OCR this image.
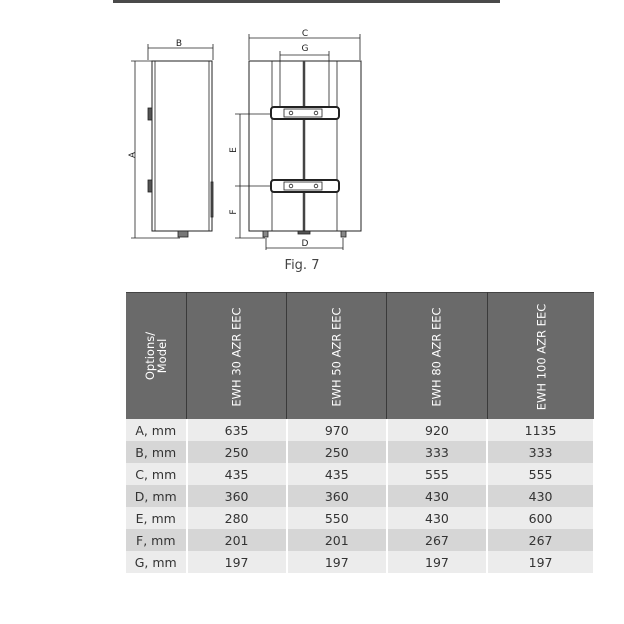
B
A
C
G
E
F
D
Fig. 7
Options/ Model	EWH 30 AZR EEC	EWH 50 AZR EEC	EWH 80 AZR EEC	EWH 100 AZR EEC
A, mm	635	970	920	1135
B, mm	250	250	333	333
C, mm	435	435	555	555
D, mm	360	360	430	430
E, mm	280	550	430	600
F, mm	201	201	267	267
G, mm	197	197	197	197
